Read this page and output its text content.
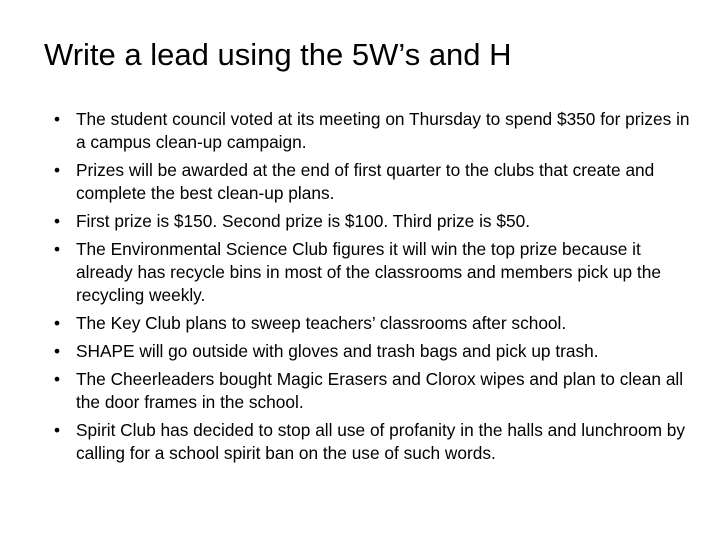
Write a lead using the 5W’s and H
• The student council voted at its meeting on Thursday to spend $350 for prizes in a campus clean-up campaign.
• Prizes will be awarded at the end of first quarter to the clubs that create and complete the best clean-up plans.
• First prize is $150. Second prize is $100. Third prize is $50.
• The Environmental Science Club figures it will win the top prize because it already has recycle bins in most of the classrooms and members pick up the recycling weekly.
• The Key Club plans to sweep teachers’ classrooms after school.
• SHAPE will go outside with gloves and trash bags and pick up trash.
• The Cheerleaders bought Magic Erasers and Clorox wipes and plan to clean all the door frames in the school.
• Spirit Club has decided to stop all use of profanity in the halls and lunchroom by calling for a school spirit ban on the use of such words.
